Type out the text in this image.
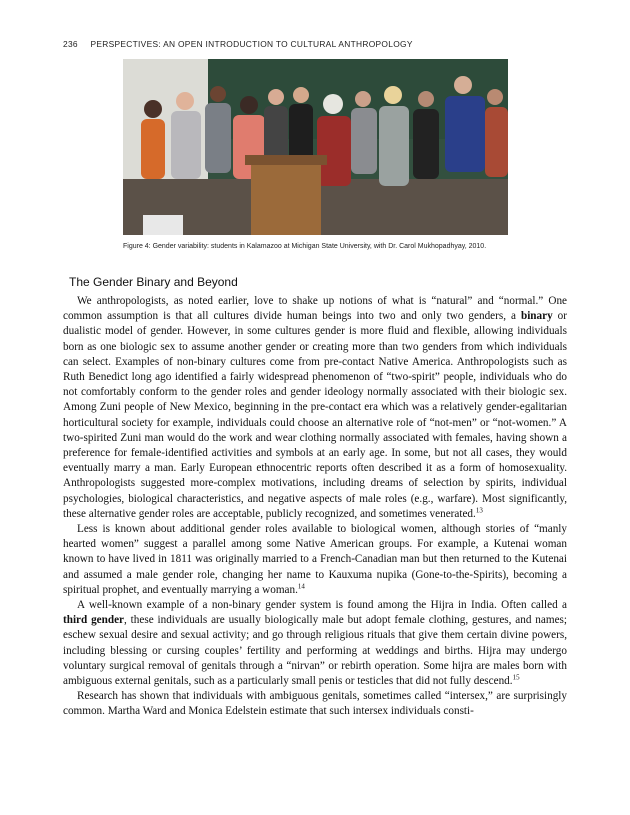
236 PERSPECTIVES: AN OPEN INTRODUCTION TO CULTURAL ANTHROPOLOGY
Figure 4: Gender variability: students in Kalamazoo at Michigan State University, with Dr. Carol Mukhopadhyay, 2010.
The Gender Binary and Beyond

We anthropologists, as noted earlier, love to shake up notions of what is “natural” and “normal.” One common assumption is that all cultures divide human beings into two and only two genders, a binary or dualistic model of gender. However, in some cultures gender is more fluid and flexible, allowing individuals born as one biologic sex to assume another gender or creating more than two genders from which individuals can select. Examples of non-binary cultures come from pre-contact Native America. Anthropologists such as Ruth Benedict long ago identified a fairly widespread phenomenon of “two-spirit” people, individuals who do not comfortably conform to the gender roles and gender ideology normally associated with their biologic sex. Among Zuni people of New Mexico, beginning in the pre-contact era which was a relatively gender-egalitarian horticultural society for example, individuals could choose an alternative role of “not-men” or “not-women.” A two-spirited Zuni man would do the work and wear clothing normally associated with females, having shown a preference for female-identified activities and symbols at an early age. In some, but not all cases, they would eventually marry a man. Early European ethnocentric reports often described it as a form of homosexuality. Anthropologists suggested more-complex motivations, including dreams of selection by spirits, individual psychologies, biological characteristics, and negative aspects of male roles (e.g., warfare). Most significantly, these alternative gender roles are acceptable, publicly recognized, and sometimes venerated.$^{13}$

Less is known about additional gender roles available to biological women, although stories of “manly hearted women” suggest a parallel among some Native American groups. For example, a Kutenai woman known to have lived in 1811 was originally married to a French-Canadian man but then returned to the Kutenai and assumed a male gender role, changing her name to Kauxuma nupika (Gone-to-the-Spirits), becoming a spiritual prophet, and eventually marrying a woman.$^{14}$

A well-known example of a non-binary gender system is found among the Hijra in India. Often called a third gender, these individuals are usually biologically male but adopt female clothing, gestures, and names; eschew sexual desire and sexual activity; and go through religious rituals that give them certain divine powers, including blessing or cursing couples’ fertility and performing at weddings and births. Hijra may undergo voluntary surgical removal of genitals through a “nirvan” or rebirth operation. Some hijra are males born with ambiguous external genitals, such as a particularly small penis or testicles that did not fully descend.$^{15}$

Research has shown that individuals with ambiguous genitals, sometimes called “intersex,” are surprisingly common. Martha Ward and Monica Edelstein estimate that such intersex individuals consti-
